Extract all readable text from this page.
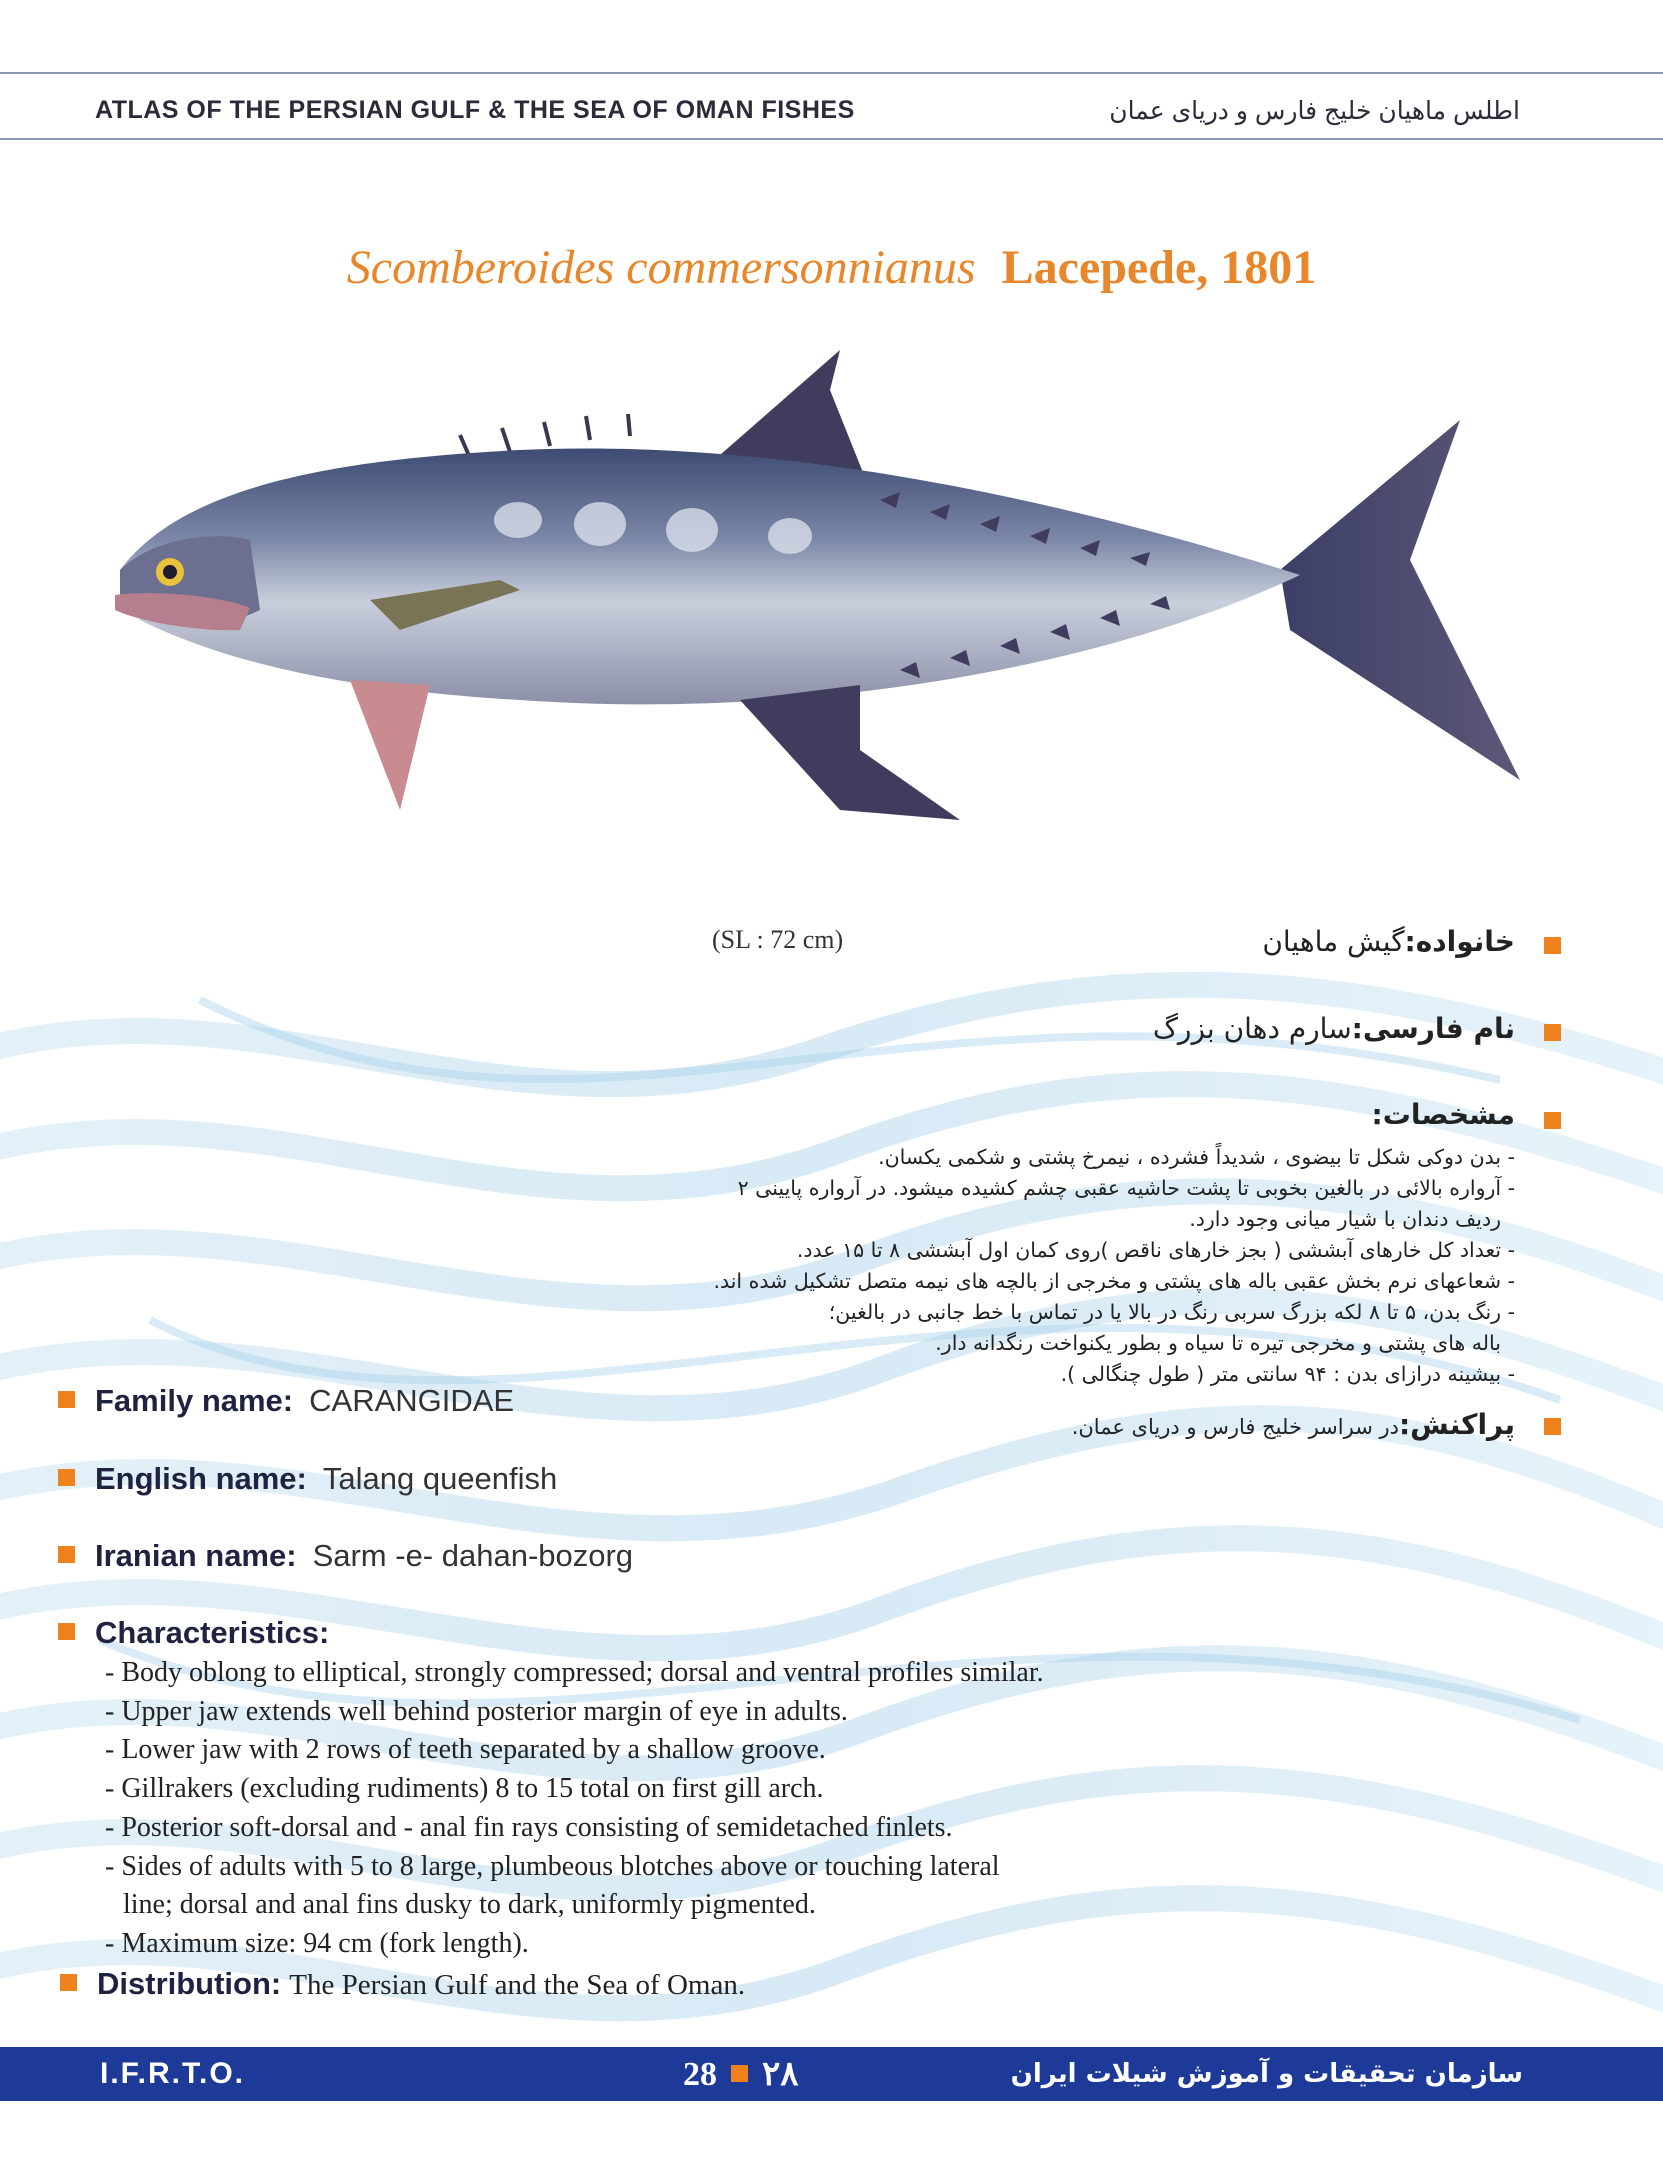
ATLAS OF THE PERSIAN GULF & THE SEA OF OMAN FISHES	اطلس ماهیان خلیج فارس و دریای عمان
Scomberoides commersonnianus Lacepede, 1801
(SL : 72 cm)	خانواده:گیش ماهیان
نام فارسی:سارم دهان بزرگ
مشخصات:
- بدن دوکی شکل تا بیضوی ، شدیداً فشرده ، نیمرخ پشتی و شکمی یکسان.
- آرواره بالائی در بالغین بخوبی تا پشت حاشیه عقبی چشم کشیده میشود. در آرواره پایینی ۲
ردیف دندان با شیار میانی وجود دارد.
- تعداد کل خارهای آبششی ( بجز خارهای ناقص )روی کمان اول آبششی ۸ تا ۱۵ عدد.
- شعاعهای نرم بخش عقبی باله های پشتی و مخرجی از بالچه های نیمه متصل تشکیل شده اند.
- رنگ بدن، ۵ تا ۸ لکه بزرگ سربی رنگ در بالا یا در تماس با خط جانبی در بالغین؛
باله های پشتی و مخرجی تیره تا سیاه و بطور یکنواخت رنگدانه دار.
- بیشینه درازای بدن : ۹۴ سانتی متر ( طول چنگالی ).
پراکنش:در سراسر خلیج فارس و دریای عمان.
Family name: CARANGIDAE
English name: Talang queenfish
Iranian name: Sarm -e- dahan-bozorg
Characteristics:
- Body oblong to elliptical, strongly compressed; dorsal and ventral profiles similar.
- Upper jaw extends well behind posterior margin of eye in adults.
- Lower jaw with 2 rows of teeth separated by a shallow groove.
- Gillrakers (excluding rudiments) 8 to 15 total on first gill arch.
- Posterior soft-dorsal and - anal fin rays consisting of semidetached finlets.
- Sides of adults with 5 to 8 large, plumbeous blotches above or touching lateral
line; dorsal and anal fins dusky to dark, uniformly pigmented.
- Maximum size: 94 cm (fork length).
Distribution: The Persian Gulf and the Sea of Oman.
I.F.R.T.O.	28 ۲۸	سازمان تحقیقات و آموزش شیلات ایران
